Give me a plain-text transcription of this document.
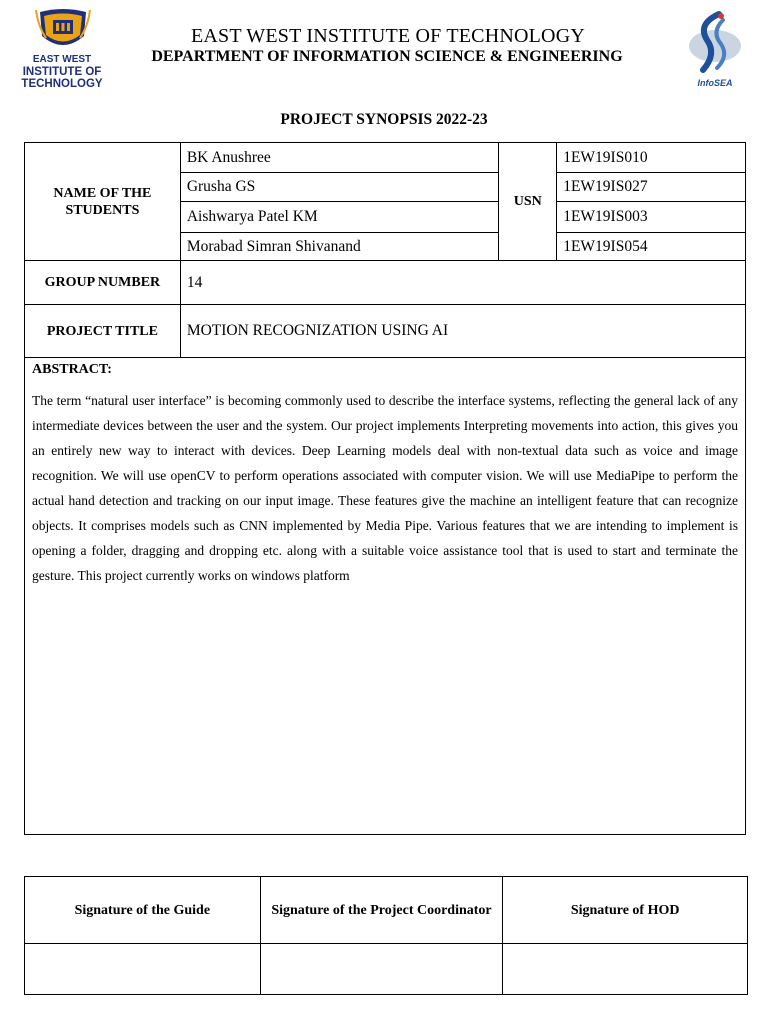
EAST WEST
INSTITUTE OF
TECHNOLOGY
EAST WEST INSTITUTE OF TECHNOLOGY
DEPARTMENT OF INFORMATION SCIENCE & ENGINEERING
InfoSEA
PROJECT SYNOPSIS 2022-23
NAME OF THE STUDENTS	BK Anushree	USN	1EW19IS010
	Grusha GS		1EW19IS027
	Aishwarya Patel KM		1EW19IS003
	Morabad Simran Shivanand		1EW19IS054
GROUP NUMBER	14		
PROJECT TITLE	MOTION RECOGNIZATION USING AI		

ABSTRACT:

The term “natural user interface” is becoming commonly used to describe the interface systems, reflecting the general lack of any intermediate devices between the user and the system. Our project implements Interpreting movements into action, this gives you an entirely new way to interact with devices. Deep Learning models deal with non-textual data such as voice and image recognition. We will use openCV to perform operations associated with computer vision. We will use MediaPipe to perform the actual hand detection and tracking on our input image. These features give the machine an intelligent feature that can recognize objects. It comprises models such as CNN implemented by Media Pipe. Various features that we are intending to implement is opening a folder, dragging and dropping etc. along with a suitable voice assistance tool that is used to start and terminate the gesture. This project currently works on windows platform			

Signature of the Guide	Signature of the Project Coordinator	Signature of HOD
